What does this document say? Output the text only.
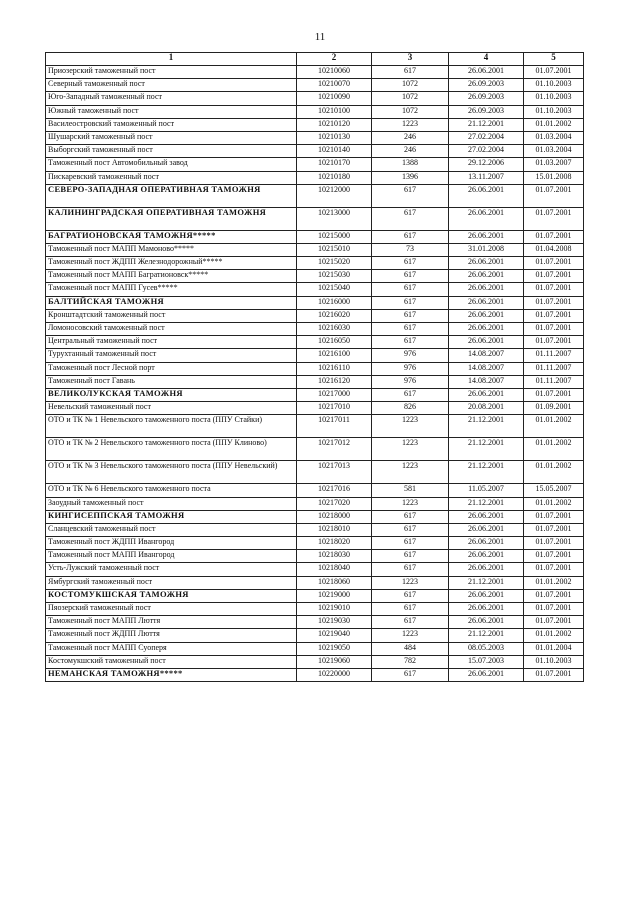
11
1	2	3	4	5
Приозерский таможенный пост	10210060	617	26.06.2001	01.07.2001
Северный таможенный пост	10210070	1072	26.09.2003	01.10.2003
Юго-Западный таможенный пост	10210090	1072	26.09.2003	01.10.2003
Южный таможенный пост	10210100	1072	26.09.2003	01.10.2003
Василеостровский таможенный пост	10210120	1223	21.12.2001	01.01.2002
Шушарский таможенный пост	10210130	246	27.02.2004	01.03.2004
Выборгский таможенный пост	10210140	246	27.02.2004	01.03.2004
Таможенный пост Автомобильный завод	10210170	1388	29.12.2006	01.03.2007
Пискаревский таможенный пост	10210180	1396	13.11.2007	15.01.2008
СЕВЕРО-ЗАПАДНАЯ ОПЕРАТИВНАЯ ТАМОЖНЯ	10212000	617	26.06.2001	01.07.2001
КАЛИНИНГРАДСКАЯ ОПЕРАТИВНАЯ ТАМОЖНЯ	10213000	617	26.06.2001	01.07.2001
БАГРАТИОНОВСКАЯ ТАМОЖНЯ*****	10215000	617	26.06.2001	01.07.2001
Таможенный пост МАПП Мамоново*****	10215010	73	31.01.2008	01.04.2008
Таможенный пост ЖДПП Железнодорожный*****	10215020	617	26.06.2001	01.07.2001
Таможенный пост МАПП Багратионовск*****	10215030	617	26.06.2001	01.07.2001
Таможенный пост МАПП Гусев*****	10215040	617	26.06.2001	01.07.2001
БАЛТИЙСКАЯ ТАМОЖНЯ	10216000	617	26.06.2001	01.07.2001
Кронштадтский таможенный пост	10216020	617	26.06.2001	01.07.2001
Ломоносовский таможенный пост	10216030	617	26.06.2001	01.07.2001
Центральный таможенный пост	10216050	617	26.06.2001	01.07.2001
Турухтанный таможенный пост	10216100	976	14.08.2007	01.11.2007
Таможенный пост Лесной порт	10216110	976	14.08.2007	01.11.2007
Таможенный пост Гавань	10216120	976	14.08.2007	01.11.2007
ВЕЛИКОЛУКСКАЯ ТАМОЖНЯ	10217000	617	26.06.2001	01.07.2001
Невельский таможенный пост	10217010	826	20.08.2001	01.09.2001
ОТО и ТК № 1 Невельского таможенного поста (ППУ Стайки)	10217011	1223	21.12.2001	01.01.2002
ОТО и ТК № 2 Невельского таможенного поста (ППУ Клиново)	10217012	1223	21.12.2001	01.01.2002
ОТО и ТК № 3 Невельского таможенного поста (ППУ Невельский)	10217013	1223	21.12.2001	01.01.2002
ОТО и ТК № 6 Невельского таможенного поста	10217016	581	11.05.2007	15.05.2007
Заоудный таможенный пост	10217020	1223	21.12.2001	01.01.2002
КИНГИСЕППСКАЯ ТАМОЖНЯ	10218000	617	26.06.2001	01.07.2001
Сланцевский таможенный пост	10218010	617	26.06.2001	01.07.2001
Таможенный пост ЖДПП Ивангород	10218020	617	26.06.2001	01.07.2001
Таможенный пост МАПП Ивангород	10218030	617	26.06.2001	01.07.2001
Усть-Лужский таможенный пост	10218040	617	26.06.2001	01.07.2001
Ямбургский таможенный пост	10218060	1223	21.12.2001	01.01.2002
КОСТОМУКШСКАЯ ТАМОЖНЯ	10219000	617	26.06.2001	01.07.2001
Пяозерский таможенный пост	10219010	617	26.06.2001	01.07.2001
Таможенный пост МАПП Люття	10219030	617	26.06.2001	01.07.2001
Таможенный пост ЖДПП Люття	10219040	1223	21.12.2001	01.01.2002
Таможенный пост МАПП Суоперя	10219050	484	08.05.2003	01.01.2004
Костомукшский таможенный пост	10219060	782	15.07.2003	01.10.2003
НЕМАНСКАЯ ТАМОЖНЯ*****	10220000	617	26.06.2001	01.07.2001
